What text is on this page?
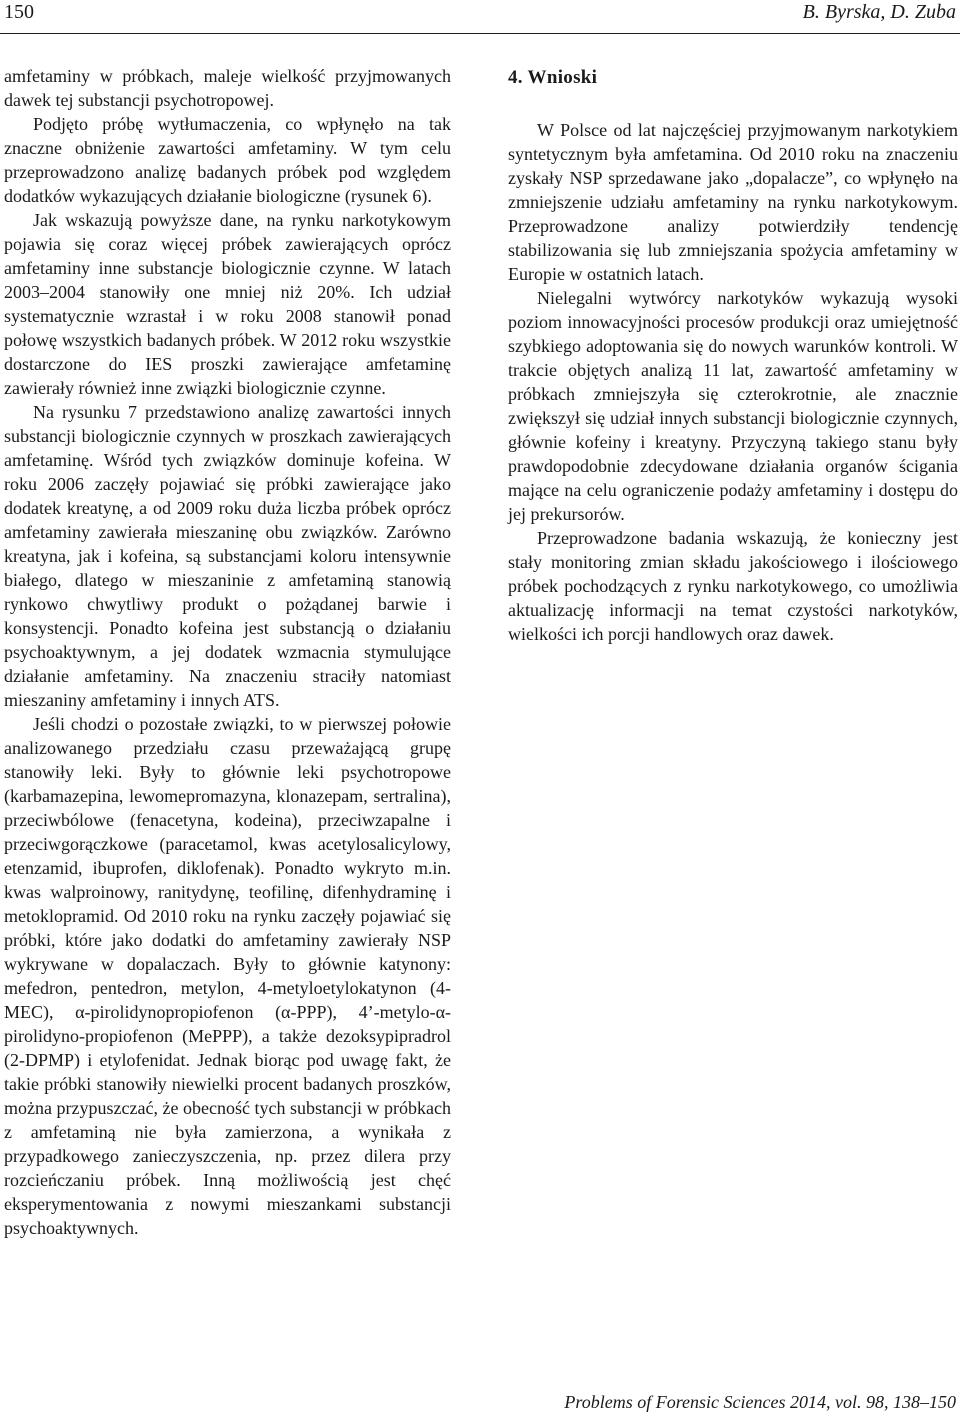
150	B. Byrska, D. Zuba

amfetaminy w próbkach, maleje wielkość przyjmowanych dawek tej substancji psychotropowej.

Podjęto próbę wytłumaczenia, co wpłynęło na tak znaczne obniżenie zawartości amfetaminy. W tym celu przeprowadzono analizę badanych próbek pod względem dodatków wykazujących działanie biologiczne (rysunek 6).

Jak wskazują powyższe dane, na rynku narkotykowym pojawia się coraz więcej próbek zawierających oprócz amfetaminy inne substancje biologicznie czynne. W latach 2003–2004 stanowiły one mniej niż 20%. Ich udział systematycznie wzrastał i w roku 2008 stanowił ponad połowę wszystkich badanych próbek. W 2012 roku wszystkie dostarczone do IES proszki zawierające amfetaminę zawierały również inne związki biologicznie czynne.

Na rysunku 7 przedstawiono analizę zawartości innych substancji biologicznie czynnych w proszkach zawierających amfetaminę. Wśród tych związków dominuje kofeina. W roku 2006 zaczęły pojawiać się próbki zawierające jako dodatek kreatynę, a od 2009 roku duża liczba próbek oprócz amfetaminy zawierała mieszaninę obu związków. Zarówno kreatyna, jak i kofeina, są substancjami koloru intensywnie białego, dlatego w mieszaninie z amfetaminą stanowią rynkowo chwytliwy produkt o pożądanej barwie i konsystencji. Ponadto kofeina jest substancją o działaniu psychoaktywnym, a jej dodatek wzmacnia stymulujące działanie amfetaminy. Na znaczeniu straciły natomiast mieszaniny amfetaminy i innych ATS.

Jeśli chodzi o pozostałe związki, to w pierwszej połowie analizowanego przedziału czasu przeważającą grupę stanowiły leki. Były to głównie leki psychotropowe (karbamazepina, lewomepromazyna, klonazepam, sertralina), przeciwbólowe (fenacetyna, kodeina), przeciwzapalne i przeciwgorączkowe (paracetamol, kwas acetylosalicylowy, etenzamid, ibuprofen, diklofenak). Ponadto wykryto m.in. kwas walproinowy, ranitydynę, teofilinę, difenhydraminę i metoklopramid. Od 2010 roku na rynku zaczęły pojawiać się próbki, które jako dodatki do amfetaminy zawierały NSP wykrywane w dopalaczach. Były to głównie katynony: mefedron, pentedron, metylon, 4-metyloetylokatynon (4-MEC), α-pirolidynopropiofenon (α-PPP), 4’-metylo-α-pirolidyno-propiofenon (MePPP), a także dezoksypipradrol (2-DPMP) i etylofenidat. Jednak biorąc pod uwagę fakt, że takie próbki stanowiły niewielki procent badanych proszków, można przypuszczać, że obecność tych substancji w próbkach z amfetaminą nie była zamierzona, a wynikała z przypadkowego zanieczyszczenia, np. przez dilera przy rozcieńczaniu próbek. Inną możliwością jest chęć eksperymentowania z nowymi mieszankami substancji psychoaktywnych.

4. Wnioski

W Polsce od lat najczęściej przyjmowanym narkotykiem syntetycznym była amfetamina. Od 2010 roku na znaczeniu zyskały NSP sprzedawane jako „dopalacze”, co wpłynęło na zmniejszenie udziału amfetaminy na rynku narkotykowym. Przeprowadzone analizy potwierdziły tendencję stabilizowania się lub zmniejszania spożycia amfetaminy w Europie w ostatnich latach.

Nielegalni wytwórcy narkotyków wykazują wysoki poziom innowacyjności procesów produkcji oraz umiejętność szybkiego adoptowania się do nowych warunków kontroli. W trakcie objętych analizą 11 lat, zawartość amfetaminy w próbkach zmniejszyła się czterokrotnie, ale znacznie zwiększył się udział innych substancji biologicznie czynnych, głównie kofeiny i kreatyny. Przyczyną takiego stanu były prawdopodobnie zdecydowane działania organów ścigania mające na celu ograniczenie podaży amfetaminy i dostępu do jej prekursorów.

Przeprowadzone badania wskazują, że konieczny jest stały monitoring zmian składu jakościowego i ilościowego próbek pochodzących z rynku narkotykowego, co umożliwia aktualizację informacji na temat czystości narkotyków, wielkości ich porcji handlowych oraz dawek.

Problems of Forensic Sciences 2014, vol. 98, 138–150
